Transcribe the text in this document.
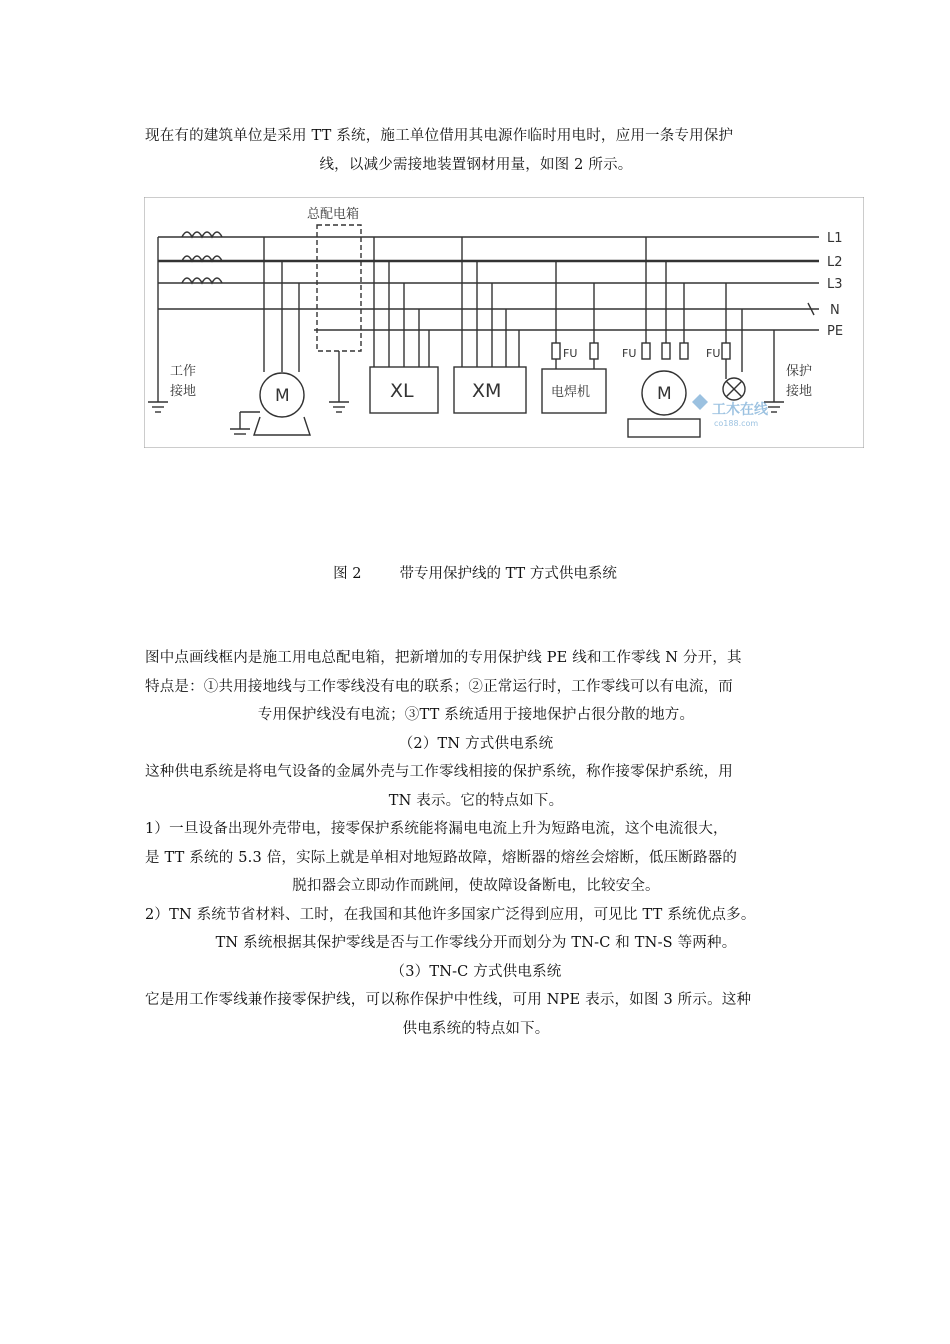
现在有的建筑单位是采用 TT 系统，施工单位借用其电源作临时用电时，应用一条专用保护
线，以减少需接地装置钢材用量，如图 2 所示。
总配电箱
L1
L2
L3
N
PE
工作
接地	M	M
XL	XM	电焊机
FU	FU	FU
保护
接地
工木在线
co188.com
图 2	带专用保护线的 TT 方式供电系统
图中点画线框内是施工用电总配电箱，把新增加的专用保护线 PE 线和工作零线 N 分开，其
特点是：①共用接地线与工作零线没有电的联系；②正常运行时，工作零线可以有电流，而
专用保护线没有电流；③TT 系统适用于接地保护占很分散的地方。
（2）TN 方式供电系统
这种供电系统是将电气设备的金属外壳与工作零线相接的保护系统，称作接零保护系统，用
TN 表示。它的特点如下。
1）一旦设备出现外壳带电，接零保护系统能将漏电电流上升为短路电流，这个电流很大，
是 TT 系统的 5.3 倍，实际上就是单相对地短路故障，熔断器的熔丝会熔断，低压断路器的
脱扣器会立即动作而跳闸，使故障设备断电，比较安全。
2）TN 系统节省材料、工时，在我国和其他许多国家广泛得到应用，可见比 TT 系统优点多。
TN 系统根据其保护零线是否与工作零线分开而划分为 TN-C 和 TN-S 等两种。
（3）TN-C 方式供电系统
它是用工作零线兼作接零保护线，可以称作保护中性线，可用 NPE 表示，如图 3 所示。这种
供电系统的特点如下。
